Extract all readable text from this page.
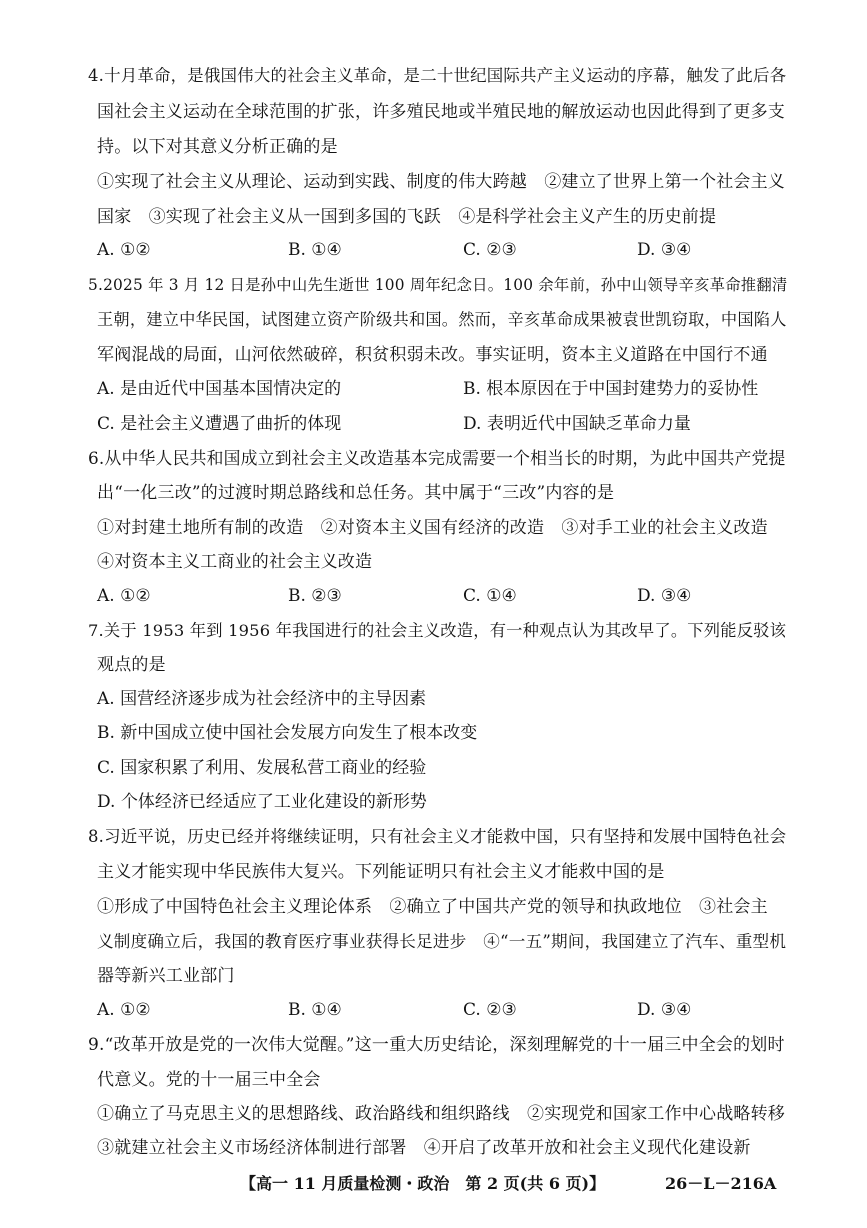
4.十月革命，是俄国伟大的社会主义革命，是二十世纪国际共产主义运动的序幕，触发了此后各
国社会主义运动在全球范围的扩张，许多殖民地或半殖民地的解放运动也因此得到了更多支
持。以下对其意义分析正确的是
①实现了社会主义从理论、运动到实践、制度的伟大跨越　②建立了世界上第一个社会主义
国家　③实现了社会主义从一国到多国的飞跃　④是科学社会主义产生的历史前提
A. ①②	B. ①④	C. ②③	D. ③④
5.2025 年 3 月 12 日是孙中山先生逝世 100 周年纪念日。100 余年前，孙中山领导辛亥革命推翻清
王朝，建立中华民国，试图建立资产阶级共和国。然而，辛亥革命成果被袁世凯窃取，中国陷人
军阀混战的局面，山河依然破碎，积贫积弱未改。事实证明，资本主义道路在中国行不通
A. 是由近代中国基本国情决定的	B. 根本原因在于中国封建势力的妥协性
C. 是社会主义遭遇了曲折的体现	D. 表明近代中国缺乏革命力量
6.从中华人民共和国成立到社会主义改造基本完成需要一个相当长的时期，为此中国共产党提
出“一化三改”的过渡时期总路线和总任务。其中属于“三改”内容的是
①对封建土地所有制的改造　②对资本主义国有经济的改造　③对手工业的社会主义改造
④对资本主义工商业的社会主义改造
A. ①②	B. ②③	C. ①④	D. ③④
7.关于 1953 年到 1956 年我国进行的社会主义改造，有一种观点认为其改早了。下列能反驳该
观点的是
A. 国营经济逐步成为社会经济中的主导因素
B. 新中国成立使中国社会发展方向发生了根本改变
C. 国家积累了利用、发展私营工商业的经验
D. 个体经济已经适应了工业化建设的新形势
8.习近平说，历史已经并将继续证明，只有社会主义才能救中国，只有坚持和发展中国特色社会
主义才能实现中华民族伟大复兴。下列能证明只有社会主义才能救中国的是
①形成了中国特色社会主义理论体系　②确立了中国共产党的领导和执政地位　③社会主
义制度确立后，我国的教育医疗事业获得长足进步　④“一五”期间，我国建立了汽车、重型机
器等新兴工业部门
A. ①②	B. ①④	C. ②③	D. ③④
9.“改革开放是党的一次伟大觉醒。”这一重大历史结论，深刻理解党的十一届三中全会的划时
代意义。党的十一届三中全会
①确立了马克思主义的思想路线、政治路线和组织路线　②实现党和国家工作中心战略转移
③就建立社会主义市场经济体制进行部署　④开启了改革开放和社会主义现代化建设新
【高一 11 月质量检测・政治　第 2 页(共 6 页)】	26－L－216A
